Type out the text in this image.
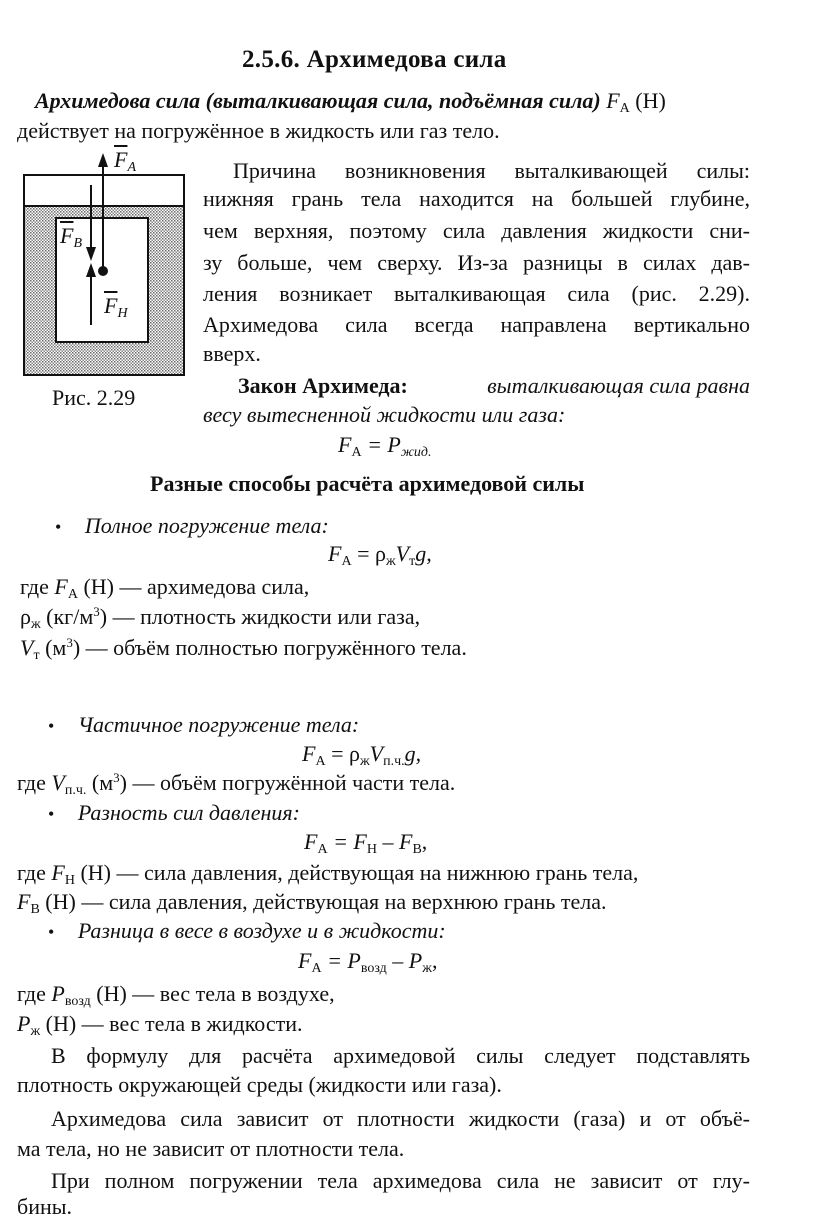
2.5.6. Архимедова сила
Архимедова сила (выталкивающая сила, подъёмная сила) $F_А$ (Н)
действует на погружённое в жидкость или газ тело.
$\overline{F}_А$
$\overline{F}_В$
$\overline{F}_Н$
Рис. 2.29
Причина возникновения выталкивающей силы:
нижняя грань тела находится на большей глубине,
чем верхняя, поэтому сила давления жидкости сни-
зу больше, чем сверху. Из-за разницы в силах дав-
ления возникает выталкивающая сила (рис. 2.29).
Архимедова сила всегда направлена вертикально
вверх.
Закон Архимеда:	выталкивающая сила равна
весу вытесненной жидкости или газа:
$F_А = P_{жид.}$
Разные способы расчёта архимедовой силы
• Полное погружение тела:
$F_А = \rho_жV_тg$,
где $F_А$ (Н) — архимедова сила,
$\rho_ж$ $(кг/м^3)$ — плотность жидкости или газа,
$V_т$ $(м^3)$ — объём полностью погружённого тела.
• Частичное погружение тела:
$F_А = \rho_жV_{п.ч.}g$,
где $V_{п.ч.}$ $(м^3)$ — объём погружённой части тела.
• Разность сил давления:
$F_А = F_Н - F_В$,
где $F_Н$ (Н) — сила давления, действующая на нижнюю грань тела,
$F_В$ (Н) — сила давления, действующая на верхнюю грань тела.
• Разница в весе в воздухе и в жидкости:
$F_А = P_{возд} - P_ж$,
где $P_{возд}$ (Н) — вес тела в воздухе,
$P_ж$ (Н) — вес тела в жидкости.
В формулу для расчёта архимедовой силы следует подставлять
плотность окружающей среды (жидкости или газа).
Архимедова сила зависит от плотности жидкости (газа) и от объё-
ма тела, но не зависит от плотности тела.
При полном погружении тела архимедова сила не зависит от глу-
бины.
